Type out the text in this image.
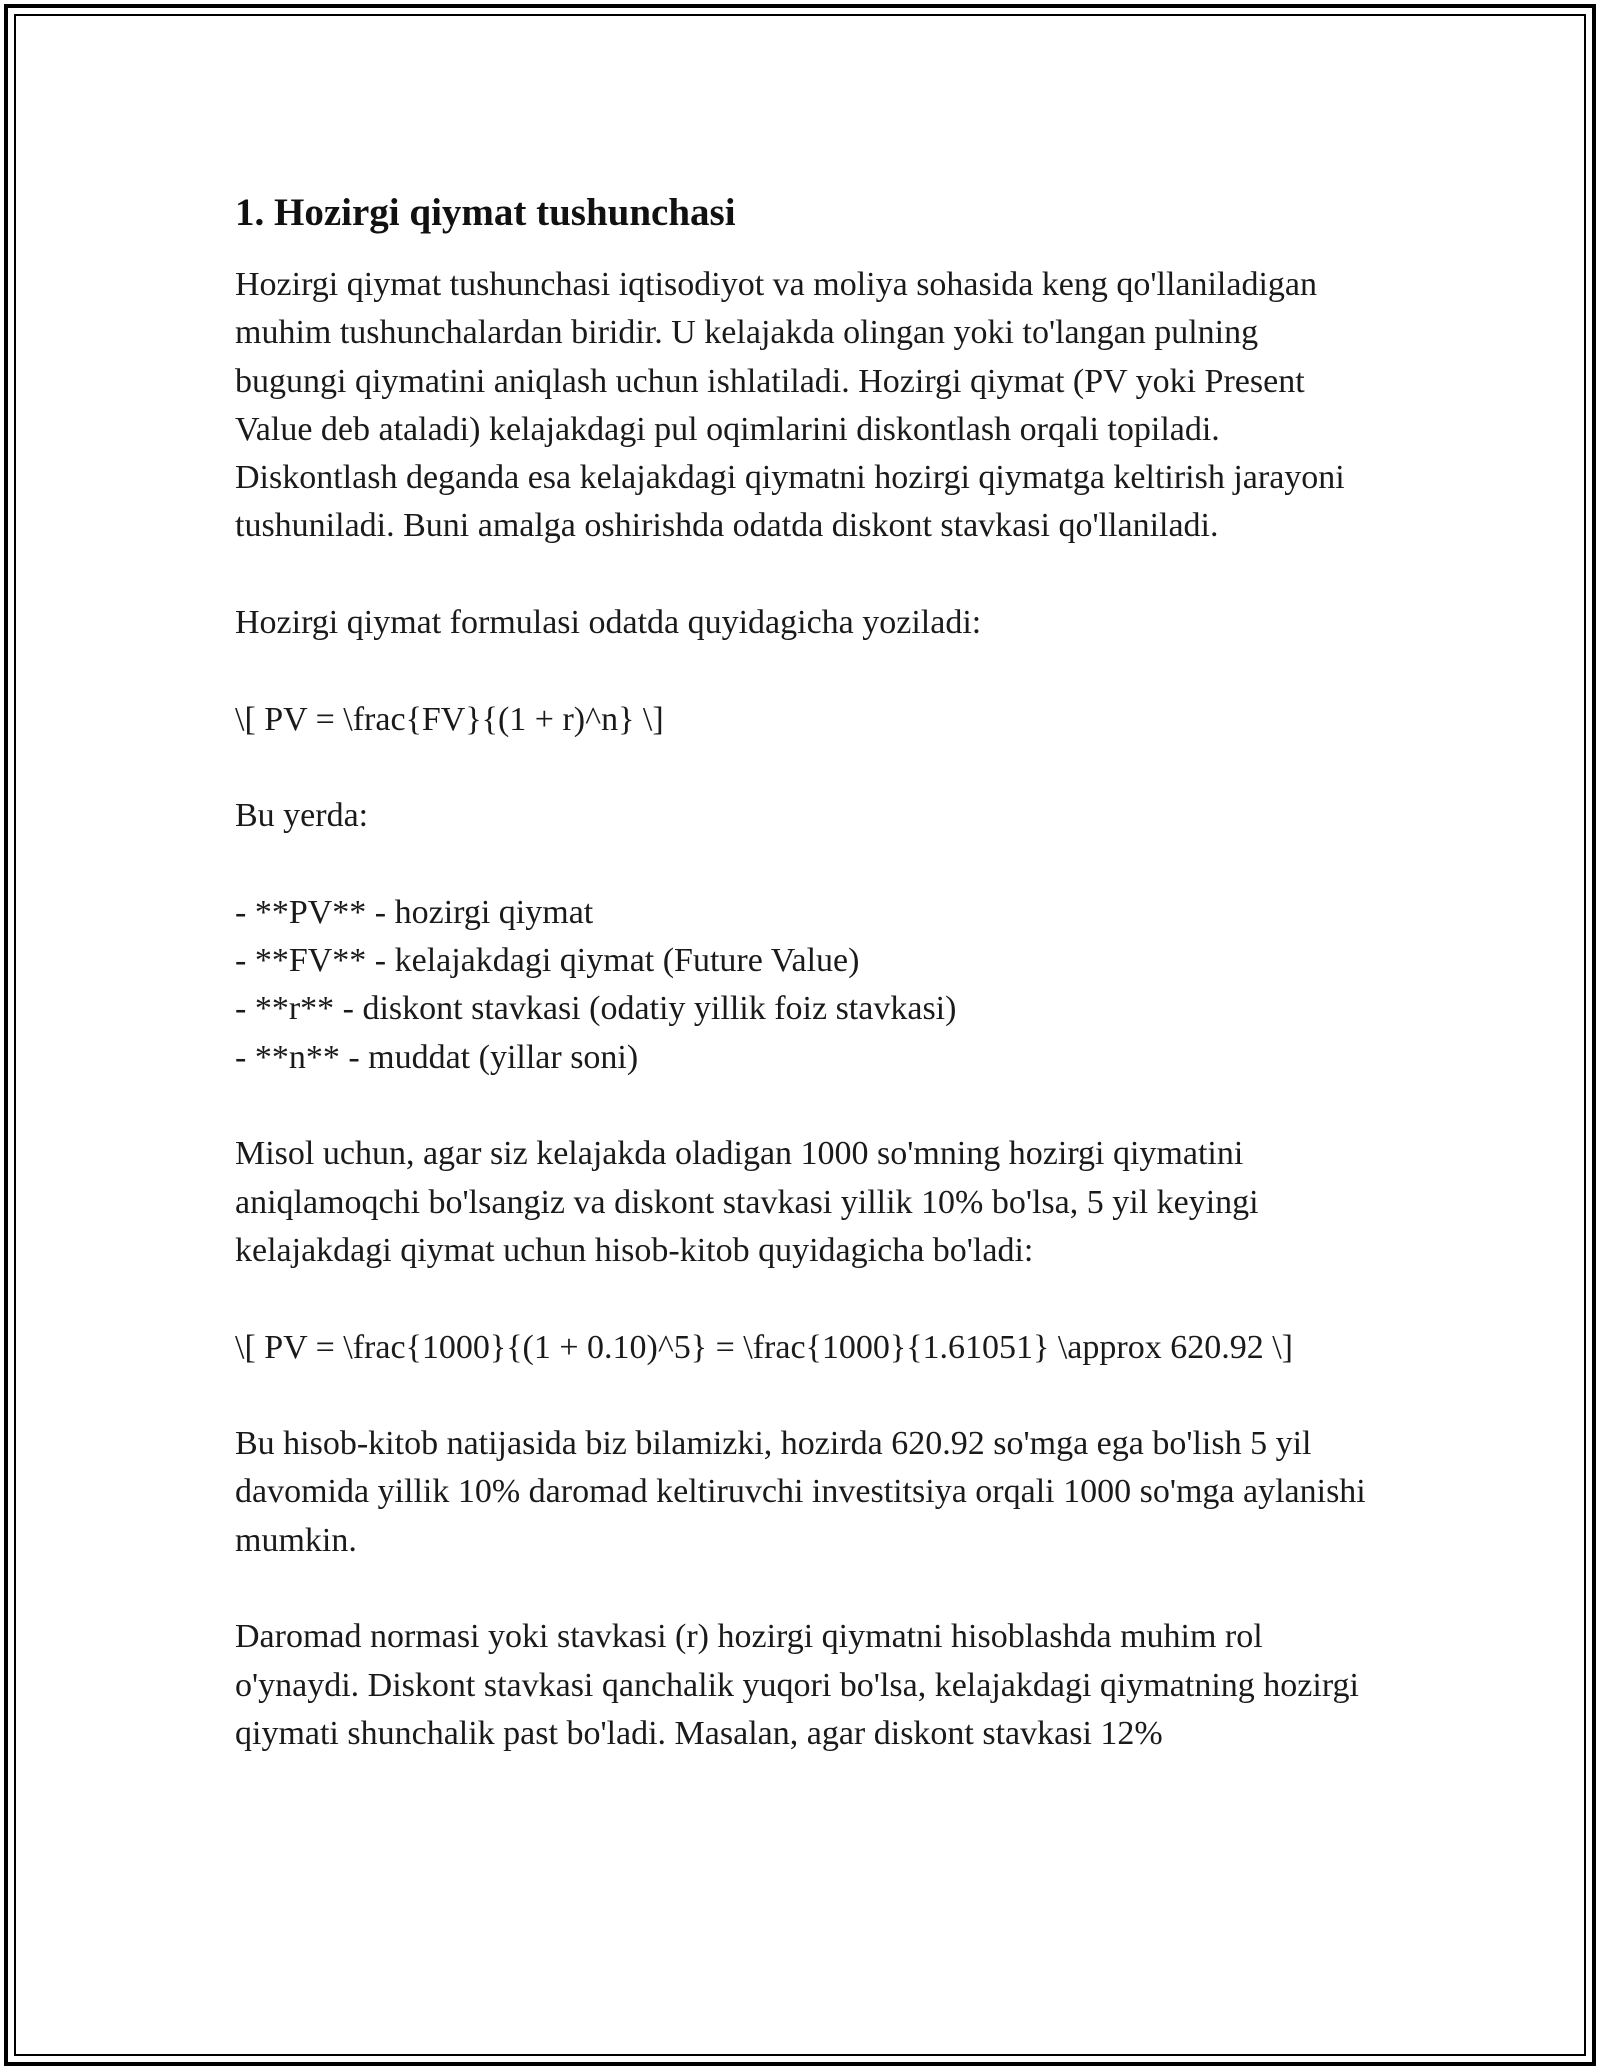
1. Hozirgi qiymat tushunchasi

Hozirgi qiymat tushunchasi iqtisodiyot va moliya sohasida keng qo'llaniladigan muhim tushunchalardan biridir. U kelajakda olingan yoki to'langan pulning bugungi qiymatini aniqlash uchun ishlatiladi. Hozirgi qiymat (PV yoki Present Value deb ataladi) kelajakdagi pul oqimlarini diskontlash orqali topiladi. Diskontlash deganda esa kelajakdagi qiymatni hozirgi qiymatga keltirish jarayoni tushuniladi. Buni amalga oshirishda odatda diskont stavkasi qo'llaniladi.

Hozirgi qiymat formulasi odatda quyidagicha yoziladi:

\[ PV = \frac{FV}{(1 + r)^n} \]

Bu yerda:

- **PV** - hozirgi qiymat
- **FV** - kelajakdagi qiymat (Future Value)
- **r** - diskont stavkasi (odatiy yillik foiz stavkasi)
- **n** - muddat (yillar soni)

Misol uchun, agar siz kelajakda oladigan 1000 so'mning hozirgi qiymatini aniqlamoqchi bo'lsangiz va diskont stavkasi yillik 10% bo'lsa, 5 yil keyingi kelajakdagi qiymat uchun hisob-kitob quyidagicha bo'ladi:

\[ PV = \frac{1000}{(1 + 0.10)^5} = \frac{1000}{1.61051} \approx 620.92 \]

Bu hisob-kitob natijasida biz bilamizki, hozirda 620.92 so'mga ega bo'lish 5 yil davomida yillik 10% daromad keltiruvchi investitsiya orqali 1000 so'mga aylanishi mumkin.

Daromad normasi yoki stavkasi (r) hozirgi qiymatni hisoblashda muhim rol o'ynaydi. Diskont stavkasi qanchalik yuqori bo'lsa, kelajakdagi qiymatning hozirgi qiymati shunchalik past bo'ladi. Masalan, agar diskont stavkasi 12%
